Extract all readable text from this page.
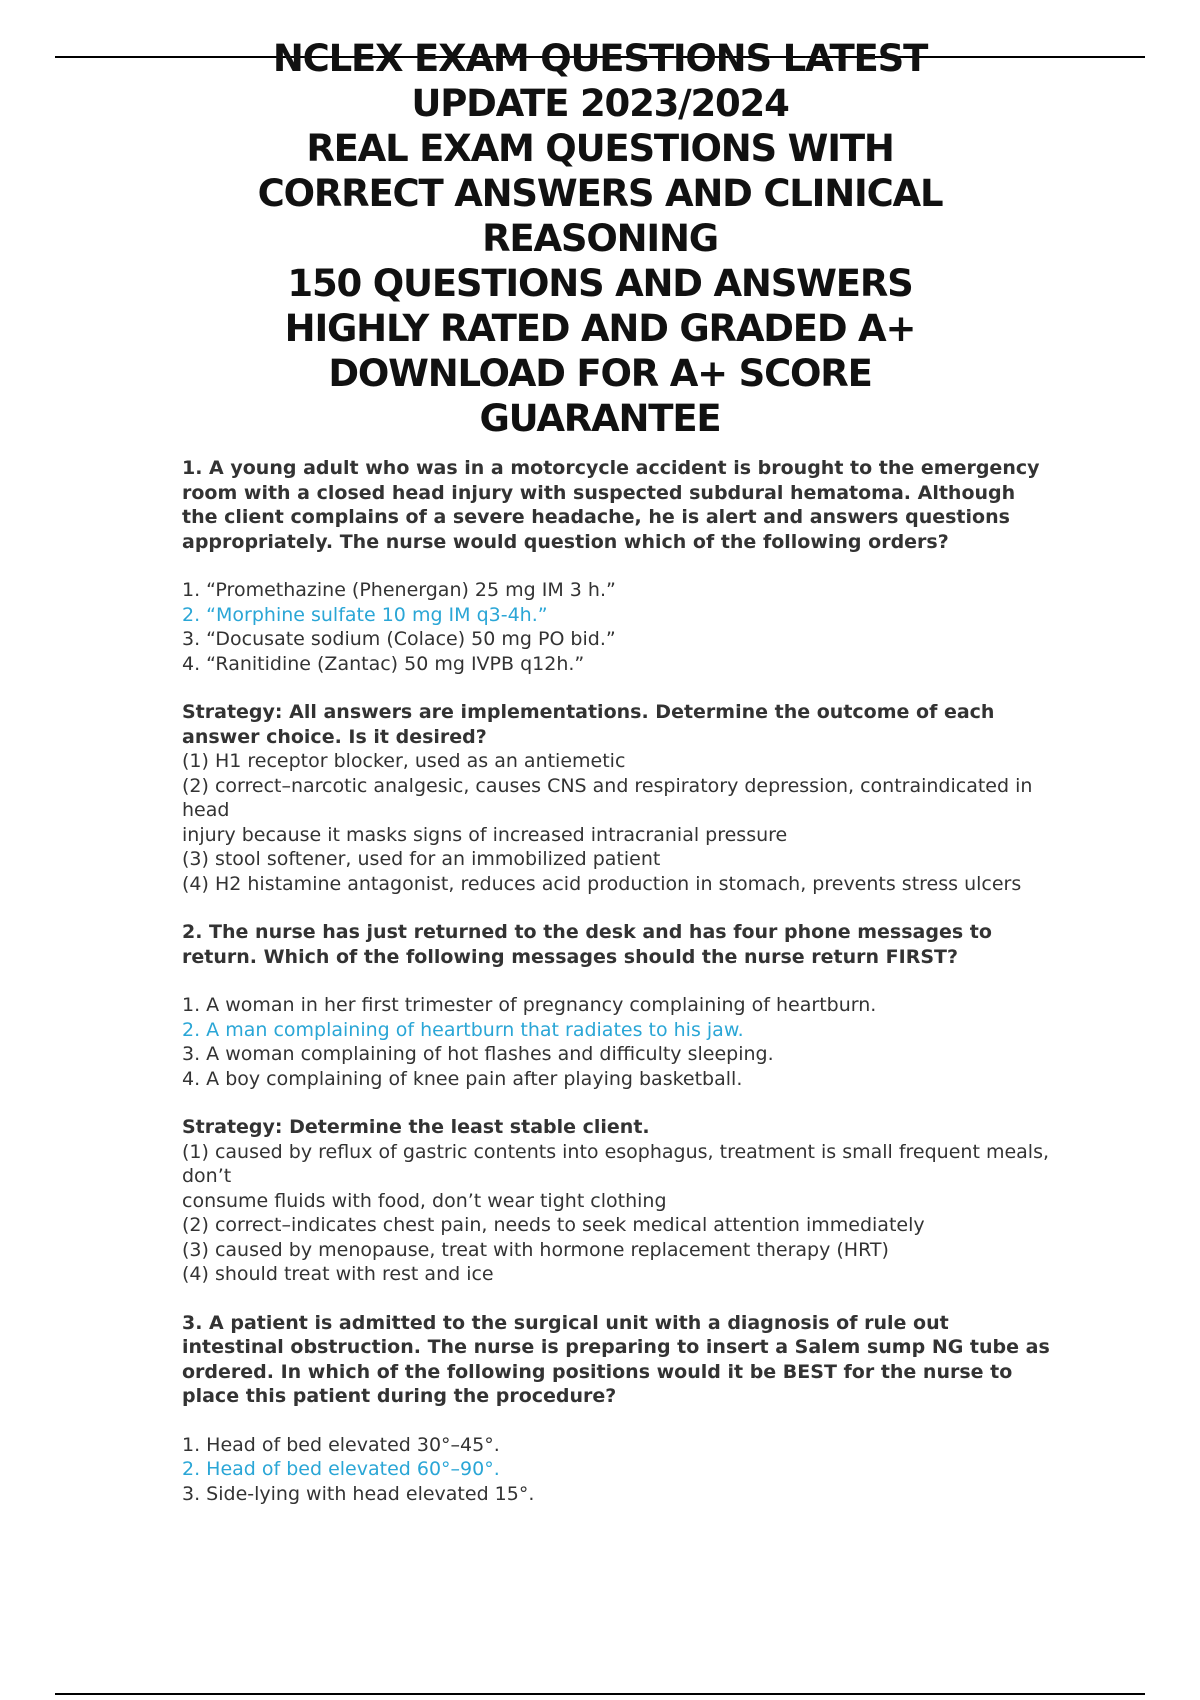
NCLEX EXAM QUESTIONS LATEST
UPDATE 2023/2024
REAL EXAM QUESTIONS WITH
CORRECT ANSWERS AND CLINICAL
REASONING
150 QUESTIONS AND ANSWERS
HIGHLY RATED AND GRADED A+
DOWNLOAD FOR A+ SCORE
GUARANTEE

1. A young adult who was in a motorcycle accident is brought to the emergency room with a closed head injury with suspected subdural hematoma. Although the client complains of a severe headache, he is alert and answers questions appropriately. The nurse would question which of the following orders?

1. “Promethazine (Phenergan) 25 mg IM 3 h.”
2. “Morphine sulfate 10 mg IM q3-4h.”
3. “Docusate sodium (Colace) 50 mg PO bid.”
4. “Ranitidine (Zantac) 50 mg IVPB q12h.”

Strategy: All answers are implementations. Determine the outcome of each answer choice. Is it desired?

(1) H1 receptor blocker, used as an antiemetic
(2) correct–narcotic analgesic, causes CNS and respiratory depression, contraindicated in head
injury because it masks signs of increased intracranial pressure
(3) stool softener, used for an immobilized patient
(4) H2 histamine antagonist, reduces acid production in stomach, prevents stress ulcers

2. The nurse has just returned to the desk and has four phone messages to return. Which of the following messages should the nurse return FIRST?

1. A woman in her first trimester of pregnancy complaining of heartburn.
2. A man complaining of heartburn that radiates to his jaw.
3. A woman complaining of hot flashes and difficulty sleeping.
4. A boy complaining of knee pain after playing basketball.

Strategy: Determine the least stable client.

(1) caused by reflux of gastric contents into esophagus, treatment is small frequent meals, don’t
consume fluids with food, don’t wear tight clothing
(2) correct–indicates chest pain, needs to seek medical attention immediately
(3) caused by menopause, treat with hormone replacement therapy (HRT)
(4) should treat with rest and ice

3. A patient is admitted to the surgical unit with a diagnosis of rule out intestinal obstruction. The nurse is preparing to insert a Salem sump NG tube as ordered. In which of the following positions would it be BEST for the nurse to place this patient during the procedure?

1. Head of bed elevated 30°–45°.
2. Head of bed elevated 60°–90°.
3. Side-lying with head elevated 15°.
